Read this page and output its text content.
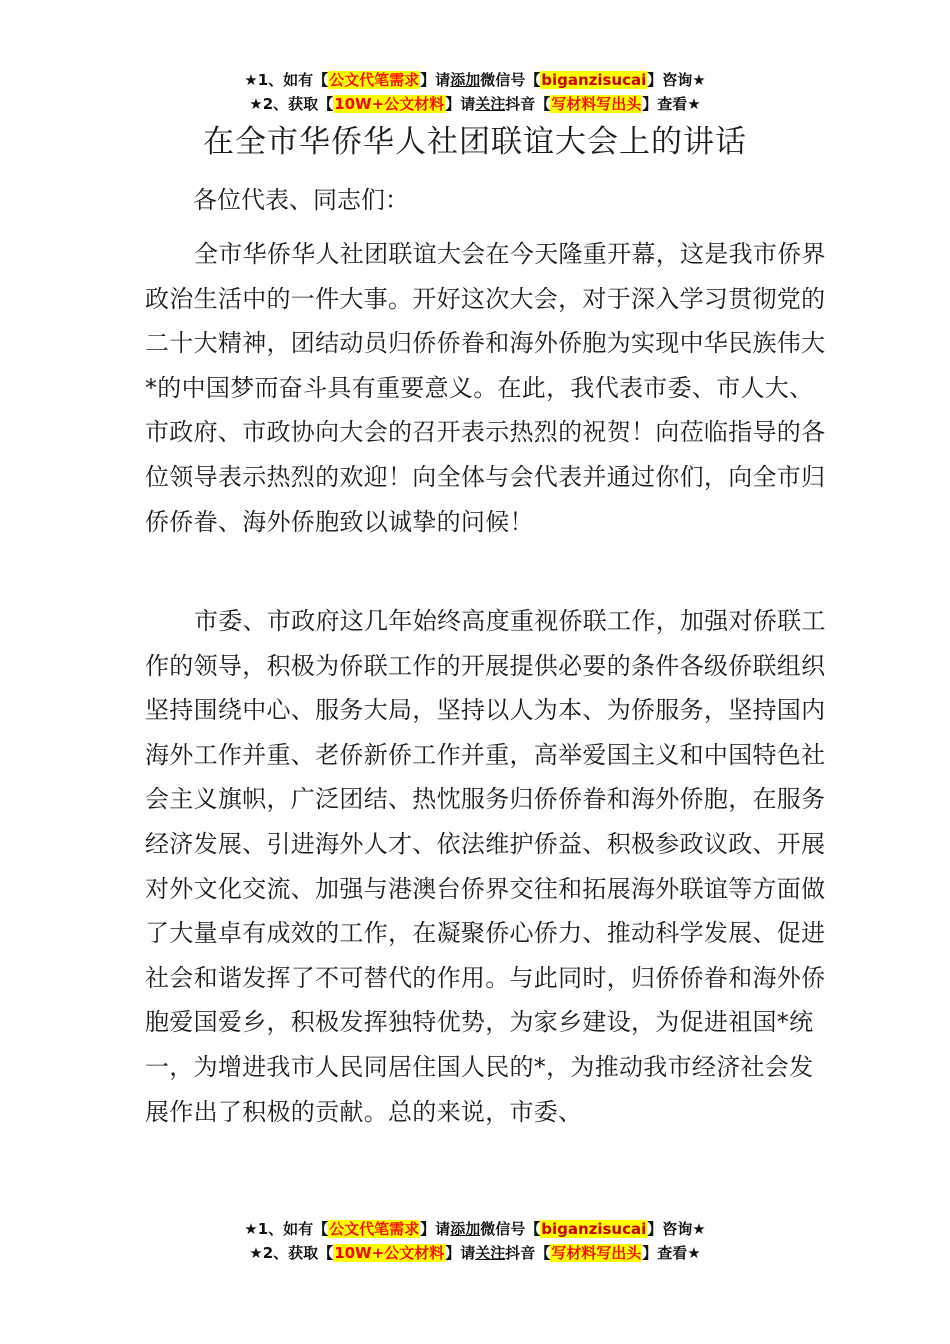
★1、如有【公文代笔需求】请添加微信号【biganzisucai】咨询★
★2、获取【10W+公文材料】请关注抖音【写材料写出头】查看★
在全市华侨华人社团联谊大会上的讲话
各位代表、同志们：
全市华侨华人社团联谊大会在今天隆重开幕，这是我市侨界政治生活中的一件大事。开好这次大会，对于深入学习贯彻党的二十大精神，团结动员归侨侨眷和海外侨胞为实现中华民族伟大*的中国梦而奋斗具有重要意义。在此，我代表市委、市人大、市政府、市政协向大会的召开表示热烈的祝贺！向莅临指导的各位领导表示热烈的欢迎！向全体与会代表并通过你们，向全市归侨侨眷、海外侨胞致以诚挚的问候！
市委、市政府这几年始终高度重视侨联工作，加强对侨联工作的领导，积极为侨联工作的开展提供必要的条件各级侨联组织坚持围绕中心、服务大局，坚持以人为本、为侨服务，坚持国内海外工作并重、老侨新侨工作并重，高举爱国主义和中国特色社会主义旗帜，广泛团结、热忱服务归侨侨眷和海外侨胞，在服务经济发展、引进海外人才、依法维护侨益、积极参政议政、开展对外文化交流、加强与港澳台侨界交往和拓展海外联谊等方面做了大量卓有成效的工作，在凝聚侨心侨力、推动科学发展、促进社会和谐发挥了不可替代的作用。与此同时，归侨侨眷和海外侨胞爱国爱乡，积极发挥独特优势，为家乡建设，为促进祖国*统一，为增进我市人民同居住国人民的*，为推动我市经济社会发展作出了积极的贡献。总的来说，市委、
★1、如有【公文代笔需求】请添加微信号【biganzisucai】咨询★
★2、获取【10W+公文材料】请关注抖音【写材料写出头】查看★
